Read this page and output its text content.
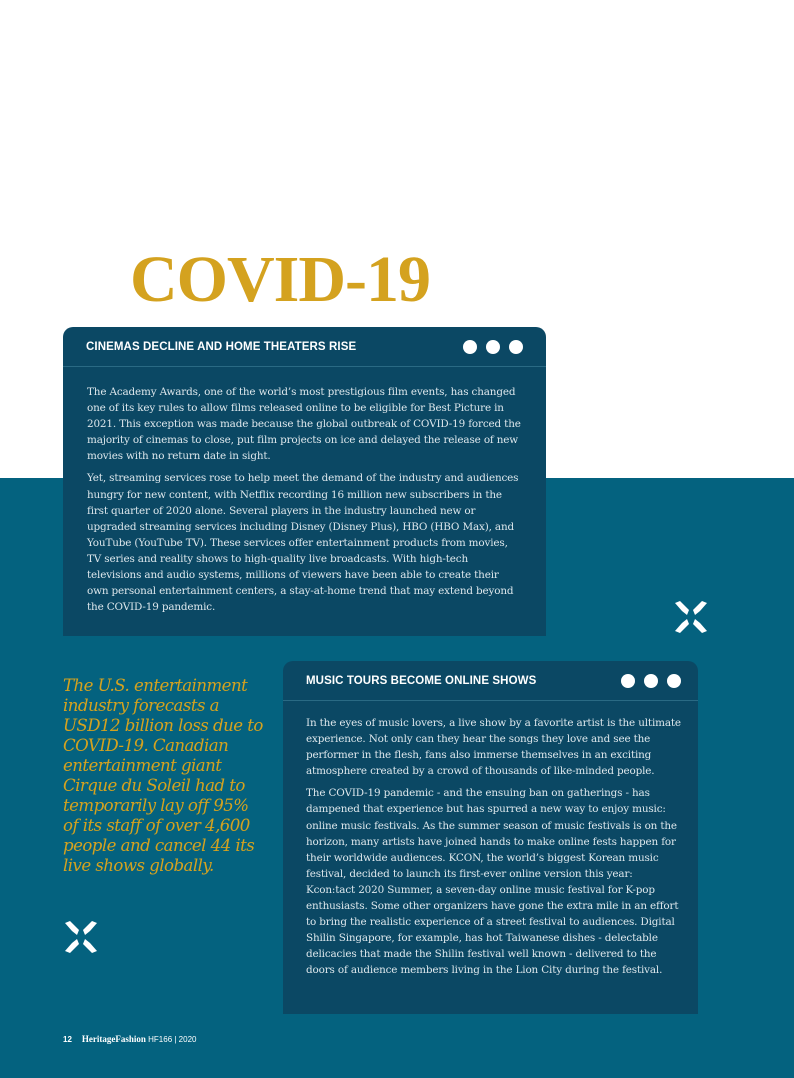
COVID-19
CINEMAS DECLINE AND HOME THEATERS RISE

The Academy Awards, one of the world’s most prestigious film events, has changed one of its key rules to allow films released online to be eligible for Best Picture in 2021. This exception was made because the global outbreak of COVID-19 forced the majority of cinemas to close, put film projects on ice and delayed the release of new movies with no return date in sight.

Yet, streaming services rose to help meet the demand of the industry and audiences hungry for new content, with Netflix recording 16 million new subscribers in the first quarter of 2020 alone. Several players in the industry launched new or upgraded streaming services including Disney (Disney Plus), HBO (HBO Max), and YouTube (YouTube TV). These services offer entertainment products from movies, TV series and reality shows to high-quality live broadcasts. With high-tech televisions and audio systems, millions of viewers have been able to create their own personal entertainment centers, a stay-at-home trend that may extend beyond the COVID-19 pandemic.

The U.S. entertainment industry forecasts a USD12 billion loss due to COVID-19. Canadian entertainment giant Cirque du Soleil had to temporarily lay off 95% of its staff of over 4,600 people and cancel 44 its live shows globally.
MUSIC TOURS BECOME ONLINE SHOWS

In the eyes of music lovers, a live show by a favorite artist is the ultimate experience. Not only can they hear the songs they love and see the performer in the flesh, fans also immerse themselves in an exciting atmosphere created by a crowd of thousands of like-minded people.

The COVID-19 pandemic - and the ensuing ban on gatherings - has dampened that experience but has spurred a new way to enjoy music: online music festivals. As the summer season of music festivals is on the horizon, many artists have joined hands to make online fests happen for their worldwide audiences. KCON, the world’s biggest Korean music festival, decided to launch its first-ever online version this year: Kcon:tact 2020 Summer, a seven-day online music festival for K-pop enthusiasts. Some other organizers have gone the extra mile in an effort to bring the realistic experience of a street festival to audiences. Digital Shilin Singapore, for example, has hot Taiwanese dishes - delectable delicacies that made the Shilin festival well known - delivered to the doors of audience members living in the Lion City during the festival.

12 HeritageFashion HF166 | 2020
